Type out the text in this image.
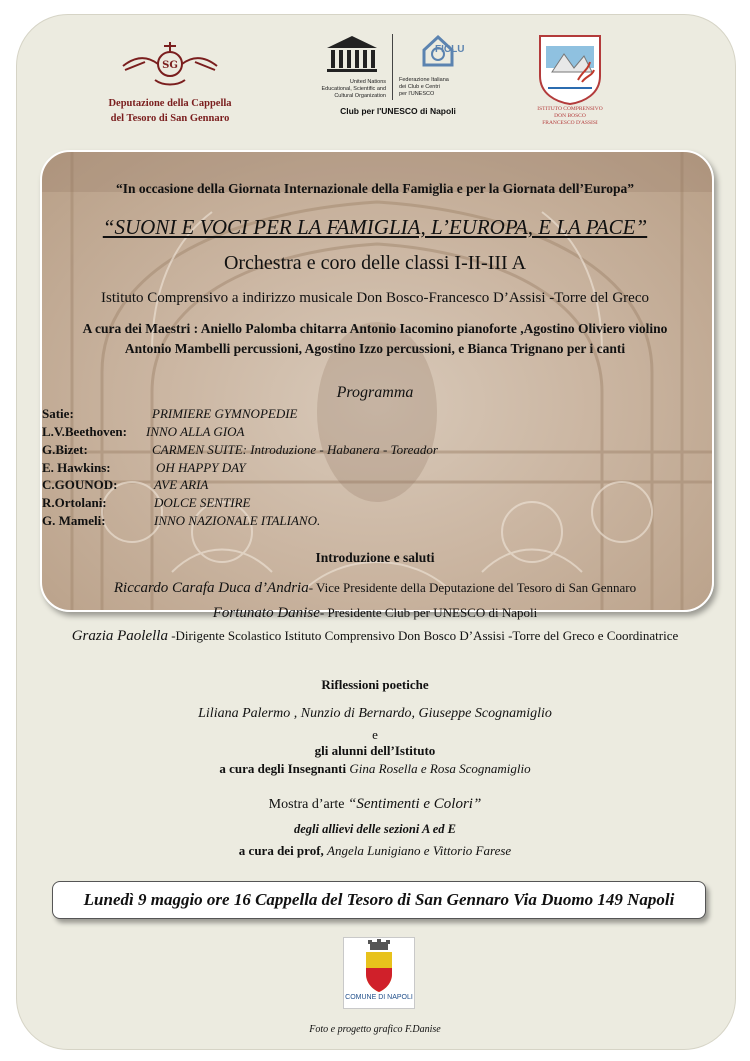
SG
Deputazione della Cappella
del Tesoro di San Gennaro
United Nations
Educational, Scientific and
Cultural Organization
FICLU
Federazione Italiana
dei Club e Centri
per l'UNESCO
Club per l'UNESCO di Napoli	ISTITUTO COMPRENSIVO
DON BOSCO
FRANCESCO D'ASSISI
“In occasione della Giornata Internazionale della Famiglia e per la Giornata dell’Europa”
“SUONI E VOCI PER LA FAMIGLIA, L’EUROPA, E LA PACE”
Orchestra e coro delle classi I-II-III A
Istituto Comprensivo a indirizzo musicale Don Bosco-Francesco D’Assisi -Torre del Greco
A cura dei Maestri : Aniello Palomba chitarra Antonio Iacomino pianoforte ,Agostino Oliviero violino
Antonio Mambelli percussioni, Agostino Izzo percussioni, e Bianca Trignano per i canti
Programma
Satie:	PRIMIERE GYMNOPEDIE
L.V.Beethoven: INNO ALLA GIOA
G.Bizet:	CARMEN SUITE: Introduzione - Habanera - Toreador
E. Hawkins:	OH HAPPY DAY
C.GOUNOD:	AVE ARIA
R.Ortolani:	DOLCE SENTIRE
G. Mameli:	INNO NAZIONALE ITALIANO.
Introduzione e saluti
Riccardo Carafa Duca d’Andria- Vice Presidente della Deputazione del Tesoro di San Gennaro
Fortunato Danise- Presidente Club per UNESCO di Napoli
Grazia Paolella -Dirigente Scolastico Istituto Comprensivo Don Bosco D’Assisi -Torre del Greco e Coordinatrice
Riflessioni poetiche
Liliana Palermo , Nunzio di Bernardo, Giuseppe Scognamiglio
e
gli alunni dell’Istituto
a cura degli Insegnanti Gina Rosella e Rosa Scognamiglio
Mostra d’arte “Sentimenti e Colori”
degli allievi delle sezioni A ed E
a cura dei prof, Angela Lunigiano e Vittorio Farese
Lunedì 9 maggio ore 16 Cappella del Tesoro di San Gennaro Via Duomo 149 Napoli
COMUNE DI NAPOLI
Foto e progetto grafico F.Danise
